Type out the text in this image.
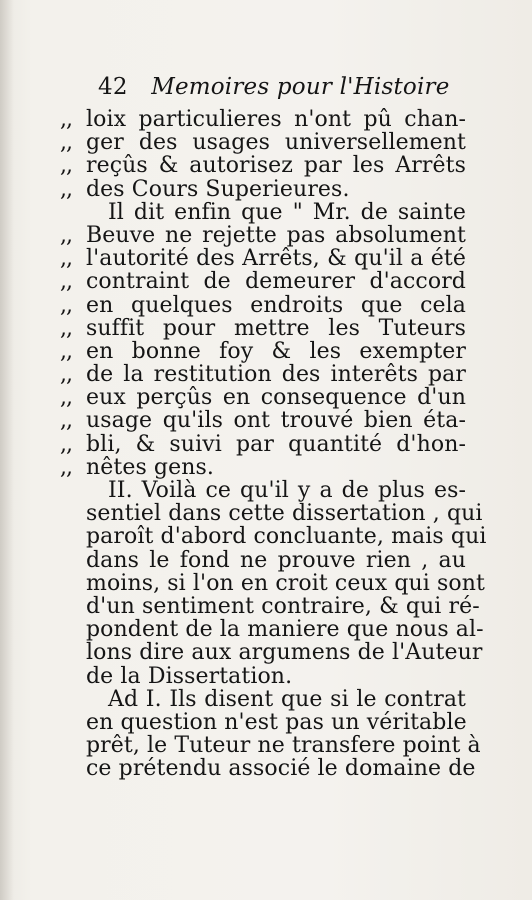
42 Memoires pour l'Histoire
,, loix particulieres n'ont pû chan-
,, ger des usages universellement
,, reçûs & autorisez par les Arrêts
,, des Cours Superieures.
Il dit enfin que " Mr. de sainte
,, Beuve ne rejette pas absolument
,, l'autorité des Arrêts, & qu'il a été
,, contraint de demeurer d'accord
,, en quelques endroits que cela
,, suffit pour mettre les Tuteurs
,, en bonne foy & les exempter
,, de la restitution des interêts par
,, eux perçûs en consequence d'un
,, usage qu'ils ont trouvé bien éta-
,, bli, & suivi par quantité d'hon-
,, nêtes gens.
II. Voilà ce qu'il y a de plus es-
sentiel dans cette dissertation , qui
paroît d'abord concluante, mais qui
dans le fond ne prouve rien , au
moins, si l'on en croit ceux qui sont
d'un sentiment contraire, & qui ré-
pondent de la maniere que nous al-
lons dire aux argumens de l'Auteur
de la Dissertation.
Ad I. Ils disent que si le contrat
en question n'est pas un véritable
prêt, le Tuteur ne transfere point à
ce prétendu associé le domaine de
